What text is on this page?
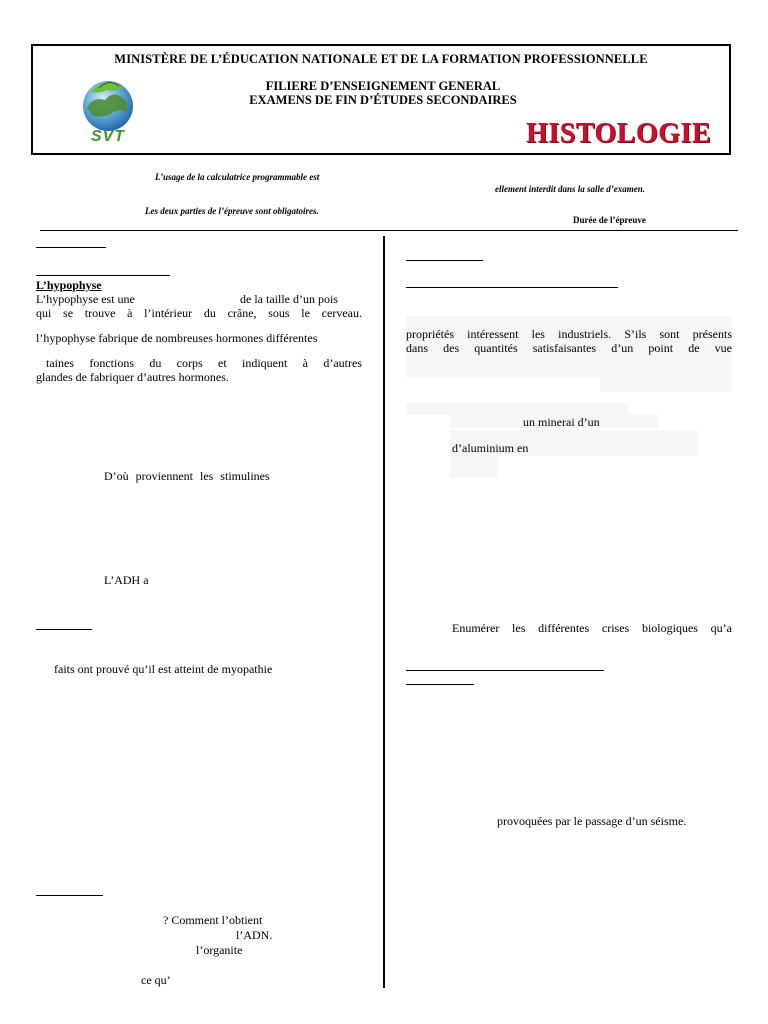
MINISTÈRE DE L’ÉDUCATION NATIONALE ET DE LA FORMATION PROFESSIONNELLE
FILIERE D’ENSEIGNEMENT GENERAL
EXAMENS DE FIN D’ÉTUDES SECONDAIRES
SVT	HISTOLOGIE
L’usage de la calculatrice programmable est
ellement interdit dans la salle d’examen.
Les deux parties de l’épreuve sont obligatoires.
Durée de l’épreuve
L’hypophyse
L’hypophyse est une	de la taille d’un pois
qui se trouve à l’intérieur du crâne, sous le cerveau.
l’hypophyse fabrique de nombreuses hormones différentes
taines fonctions du corps et indiquent à d’autres
glandes de fabriquer d’autres hormones.
D’où proviennent les stimulines
L’ADH a
faits ont prouvé qu’il est atteint de myopathie
? Comment l’obtient
l’ADN.
l’organite
ce qu’
propriétés intéressent les industriels. S’ils sont présents
dans des quantités satisfaisantes d’un point de vue
un minerai d’un
d’aluminium en
Enumérer les différentes crises biologiques qu’a
provoquées par le passage d’un séisme.
